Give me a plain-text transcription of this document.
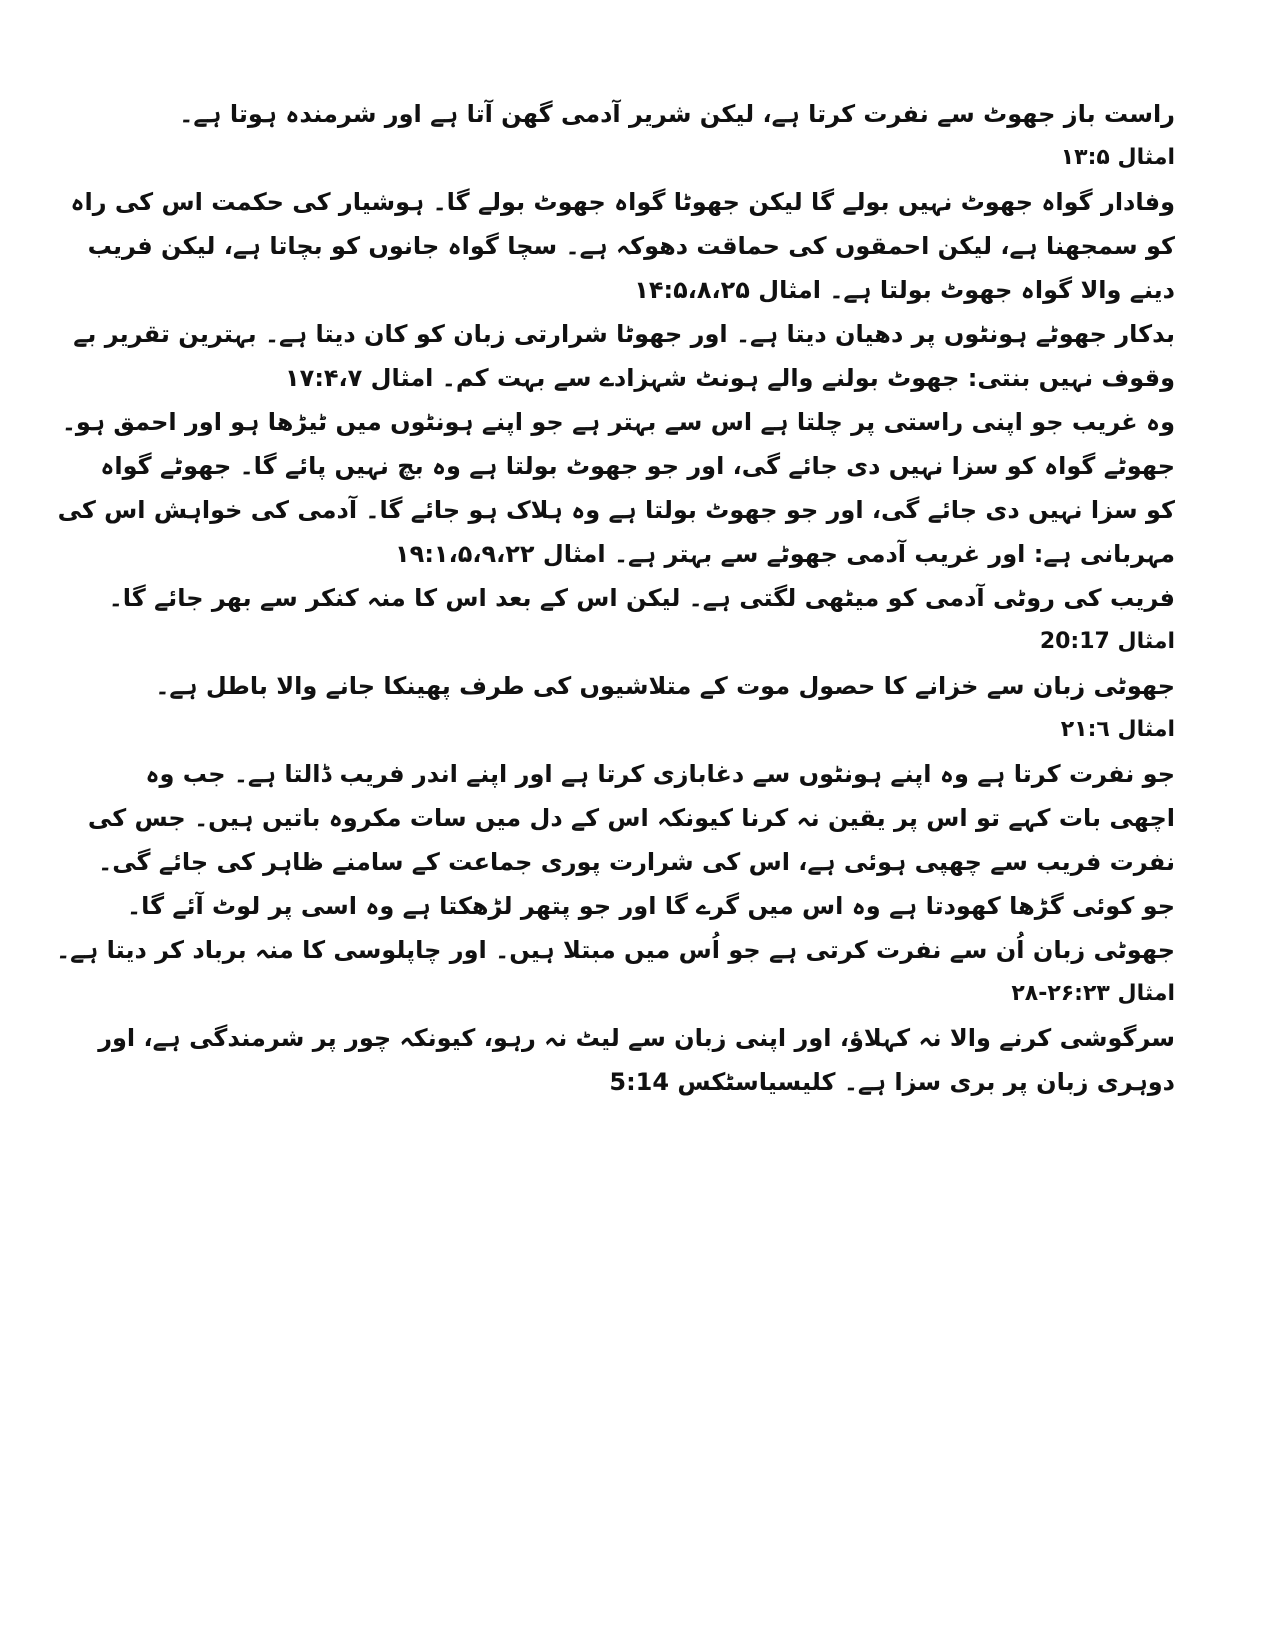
راست باز جھوٹ سے نفرت کرتا ہے، لیکن شریر آدمی گھن آتا ہے اور شرمندہ ہوتا ہے۔
امثال ۱۳:۵
وفادار گواہ جھوٹ نہیں بولے گا لیکن جھوٹا گواہ جھوٹ بولے گا۔ ہوشیار کی حکمت اس کی راہ
کو سمجھنا ہے، لیکن احمقوں کی حماقت دھوکہ ہے۔ سچا گواہ جانوں کو بچاتا ہے، لیکن فریب
دینے والا گواہ جھوٹ بولتا ہے۔ امثال ۱۴:۵،۸،۲۵
بدکار جھوٹے ہونٹوں پر دھیان دیتا ہے۔ اور جھوٹا شرارتی زبان کو کان دیتا ہے۔ بہترین تقریر بے
وقوف نہیں بنتی: جھوٹ بولنے والے ہونٹ شہزادے سے بہت کم۔ امثال ۱۷:۴،۷
وہ غریب جو اپنی راستی پر چلتا ہے اس سے بہتر ہے جو اپنے ہونٹوں میں ٹیڑھا ہو اور احمق ہو۔
جھوٹے گواہ کو سزا نہیں دی جائے گی، اور جو جھوٹ بولتا ہے وہ بچ نہیں پائے گا۔ جھوٹے گواہ
کو سزا نہیں دی جائے گی، اور جو جھوٹ بولتا ہے وہ ہلاک ہو جائے گا۔ آدمی کی خواہش اس کی
مہربانی ہے: اور غریب آدمی جھوٹے سے بہتر ہے۔ امثال ۱۹:۱،۵،۹،۲۲
فریب کی روٹی آدمی کو میٹھی لگتی ہے۔ لیکن اس کے بعد اس کا منہ کنکر سے بھر جائے گا۔
امثال 20:17
جھوٹی زبان سے خزانے کا حصول موت کے متلاشیوں کی طرف پھینکا جانے والا باطل ہے۔
امثال ۲۱:٦
جو نفرت کرتا ہے وہ اپنے ہونٹوں سے دغابازی کرتا ہے اور اپنے اندر فریب ڈالتا ہے۔ جب وہ
اچھی بات کہے تو اس پر یقین نہ کرنا کیونکہ اس کے دل میں سات مکروہ باتیں ہیں۔ جس کی
نفرت فریب سے چھپی ہوئی ہے، اس کی شرارت پوری جماعت کے سامنے ظاہر کی جائے گی۔
جو کوئی گڑھا کھودتا ہے وہ اس میں گرے گا اور جو پتھر لڑھکتا ہے وہ اسی پر لوٹ آئے گا۔
جھوٹی زبان اُن سے نفرت کرتی ہے جو اُس میں مبتلا ہیں۔ اور چاپلوسی کا منہ برباد کر دیتا ہے۔
امثال ۲۶:۲۳-۲۸
سرگوشی کرنے والا نہ کہلاؤ، اور اپنی زبان سے لیٹ نہ رہو، کیونکہ چور پر شرمندگی ہے، اور
دوہری زبان پر بری سزا ہے۔ کلیسیاسٹکس 5:14
